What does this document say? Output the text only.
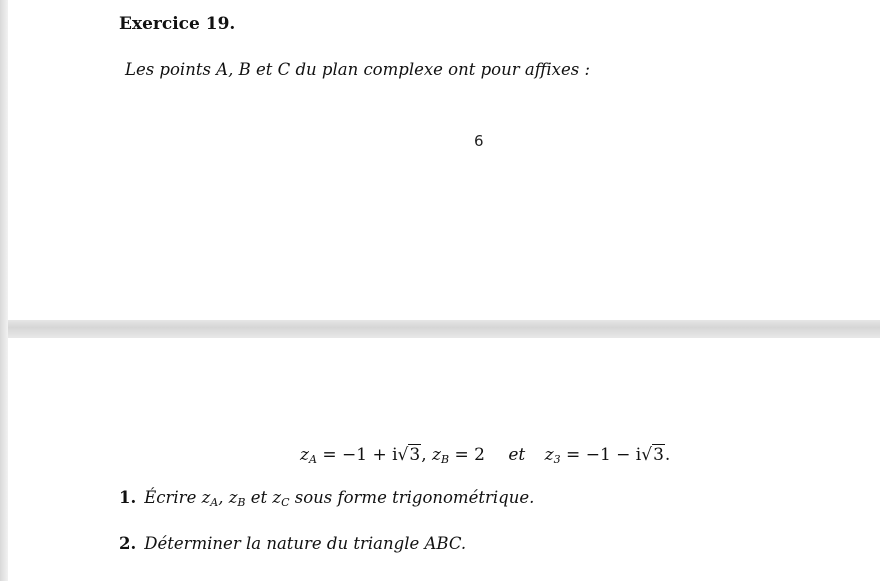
Exercice 19.
Les points A, B et C du plan complexe ont pour affixes :
6
$z_A = -1 + i√3$, $z_B = 2$ et $z_3 = -1 - i√3$.
1. Écrire $z_A$, $z_B$ et $z_C$ sous forme trigonométrique.
2. Déterminer la nature du triangle ABC.
